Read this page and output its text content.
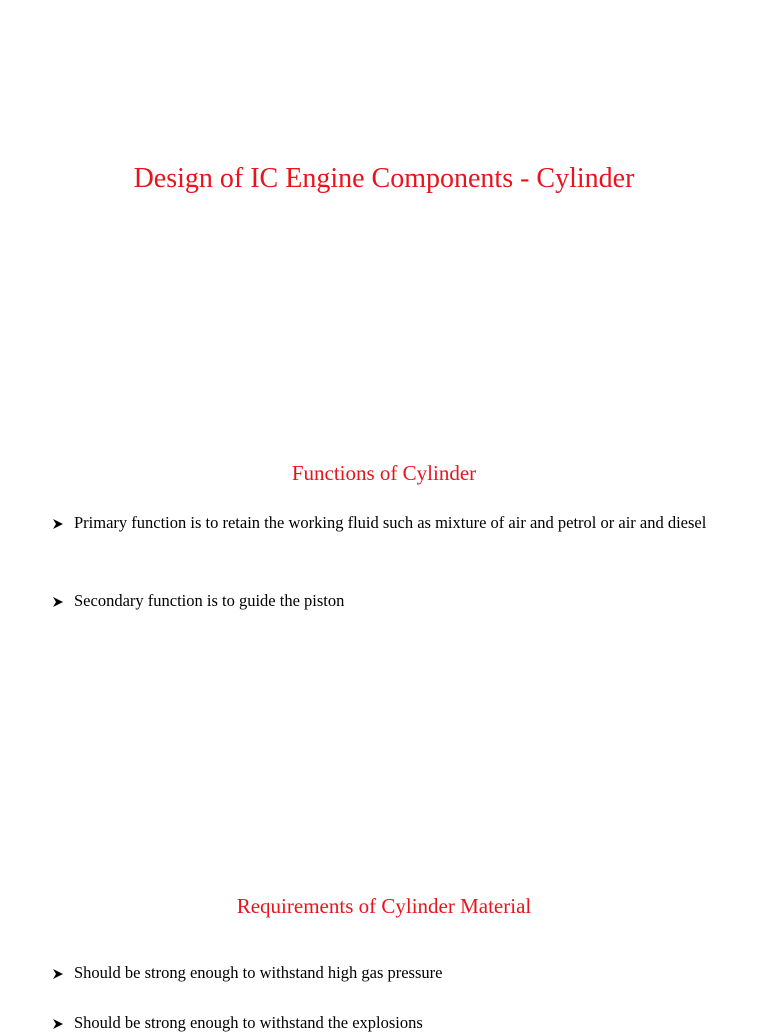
Design of IC Engine Components - Cylinder
Functions of Cylinder
Primary function is to retain the working fluid such as mixture of air and petrol or air and diesel
Secondary function is to guide the piston
Requirements of Cylinder Material
Should be strong enough to withstand high gas pressure
Should be strong enough to withstand the explosions
